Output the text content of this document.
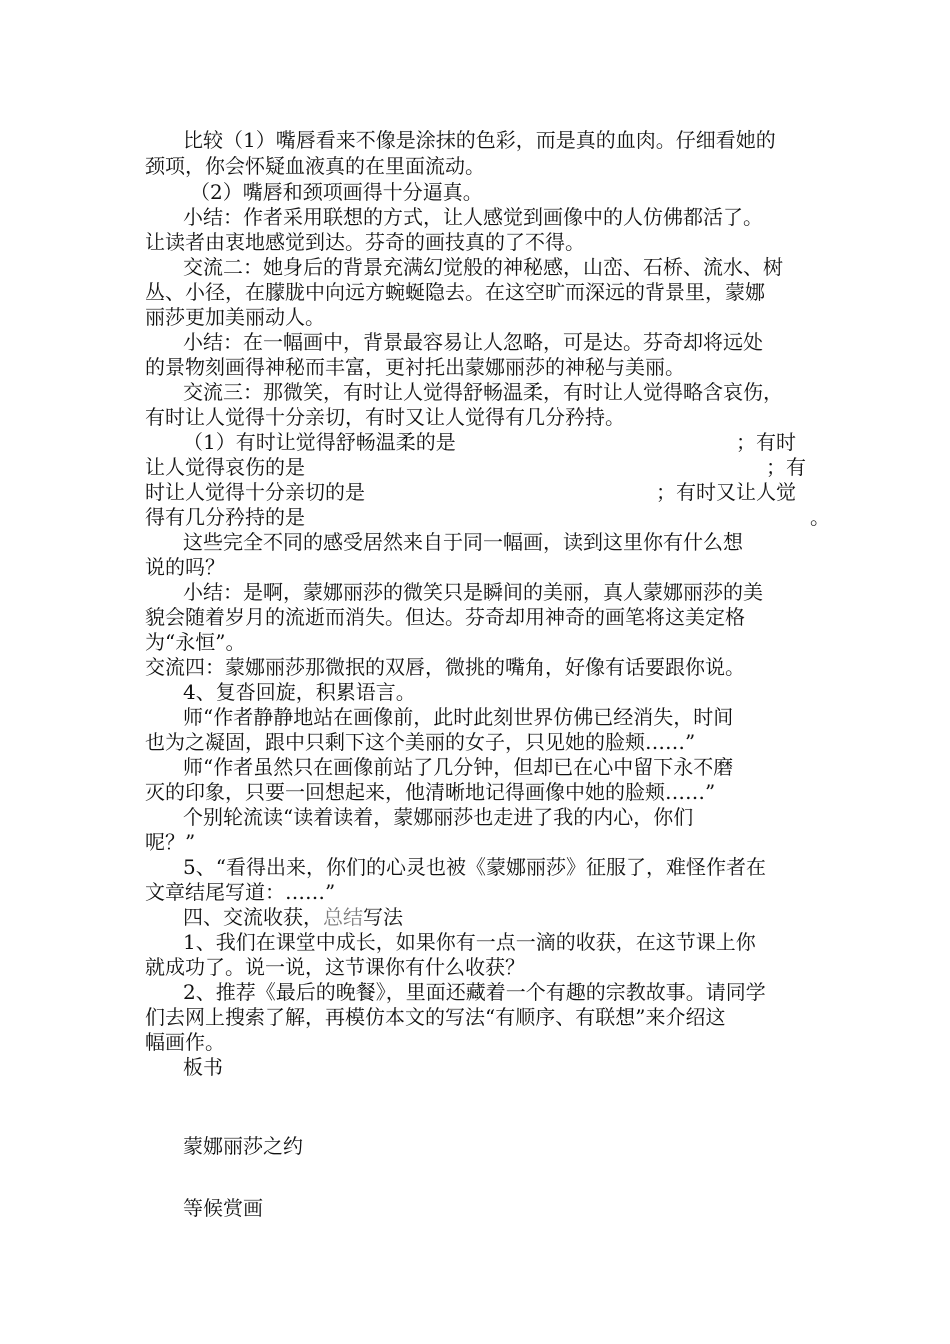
比较（1）嘴唇看来不像是涂抹的色彩，而是真的血肉。仔细看她的
颈项，你会怀疑血液真的在里面流动。
（2）嘴唇和颈项画得十分逼真。
小结：作者采用联想的方式，让人感觉到画像中的人仿佛都活了。
让读者由衷地感觉到达。芬奇的画技真的了不得。
交流二：她身后的背景充满幻觉般的神秘感，山峦、石桥、流水、树
丛、小径，在朦胧中向远方蜿蜒隐去。在这空旷而深远的背景里，蒙娜
丽莎更加美丽动人。
小结：在一幅画中，背景最容易让人忽略，可是达。芬奇却将远处
的景物刻画得神秘而丰富，更衬托出蒙娜丽莎的神秘与美丽。
交流三：那微笑，有时让人觉得舒畅温柔，有时让人觉得略含哀伤，
有时让人觉得十分亲切，有时又让人觉得有几分矜持。
（1）有时让觉得舒畅温柔的是	；有时
让人觉得哀伤的是	；有
时让人觉得十分亲切的是	；有时又让人觉
得有几分矜持的是	。
这些完全不同的感受居然来自于同一幅画，读到这里你有什么想
说的吗？
小结：是啊，蒙娜丽莎的微笑只是瞬间的美丽，真人蒙娜丽莎的美
貌会随着岁月的流逝而消失。但达。芬奇却用神奇的画笔将这美定格
为“永恒”。
交流四：蒙娜丽莎那微抿的双唇，微挑的嘴角，好像有话要跟你说。
4、复沓回旋，积累语言。
师“作者静静地站在画像前，此时此刻世界仿佛已经消失，时间
也为之凝固，跟中只剩下这个美丽的女子，只见她的脸颊……”
师“作者虽然只在画像前站了几分钟，但却已在心中留下永不磨
灭的印象，只要一回想起来，他清晰地记得画像中她的脸颊……”
个别轮流读“读着读着，蒙娜丽莎也走进了我的内心，你们
呢？”
5、“看得出来，你们的心灵也被《蒙娜丽莎》征服了，难怪作者在
文章结尾写道：……”
四、交流收获，总结写法
1、我们在课堂中成长，如果你有一点一滴的收获，在这节课上你
就成功了。说一说，这节课你有什么收获？
2、推荐《最后的晚餐》，里面还藏着一个有趣的宗教故事。请同学
们去网上搜索了解，再模仿本文的写法“有顺序、有联想”来介绍这
幅画作。
板书
蒙娜丽莎之约
等候赏画
